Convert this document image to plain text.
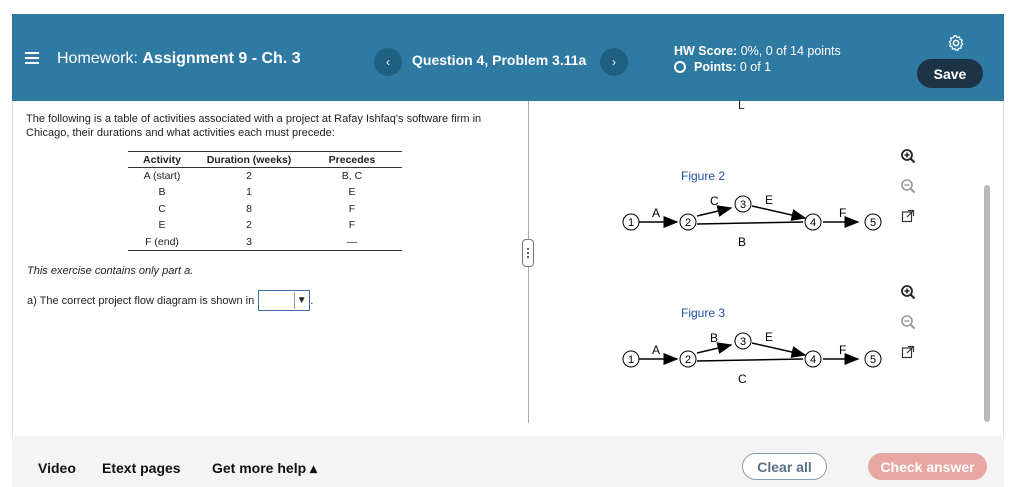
Homework: Assignment 9 - Ch. 3	‹	Question 4, Problem 3.11a	›
HW Score:
0%, 0 of 14 points
Points:
0 of 1	Save
The following is a table of activities associated with a project at Rafay Ishfaq's software firm in Chicago, their durations and what activities each must precede:
Activity	Duration (weeks)	Precedes
A (start)	2	B, C
B	1	E
C	8	F
E	2	F
F (end)	3	—
This exercise contains only part a.
a) The correct project flow diagram is shown in	▼ .
L
Figure 2
1	2
3
4	5
A
C	E
B
F
Figure 3
1	2
3
4	5
A
B	E
C
F
Video Etext pages Get more help ▴	Clear all	Check answer
